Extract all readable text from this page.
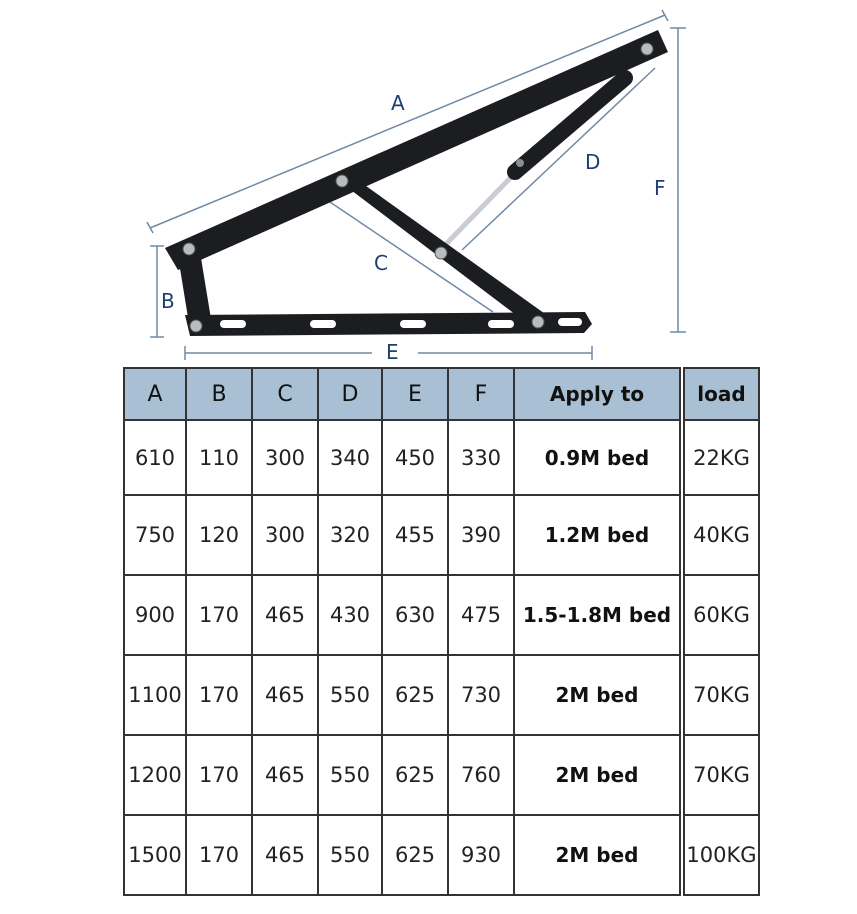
A
B
C
D
E
F
A	B	C	D	E	F	Apply to		load
610	110	300	340	450	330	0.9M bed		22KG
750	120	300	320	455	390	1.2M bed		40KG
900	170	465	430	630	475	1.5-1.8M bed		60KG
1100	170	465	550	625	730	2M bed		70KG
1200	170	465	550	625	760	2M bed		70KG
1500	170	465	550	625	930	2M bed		100KG
